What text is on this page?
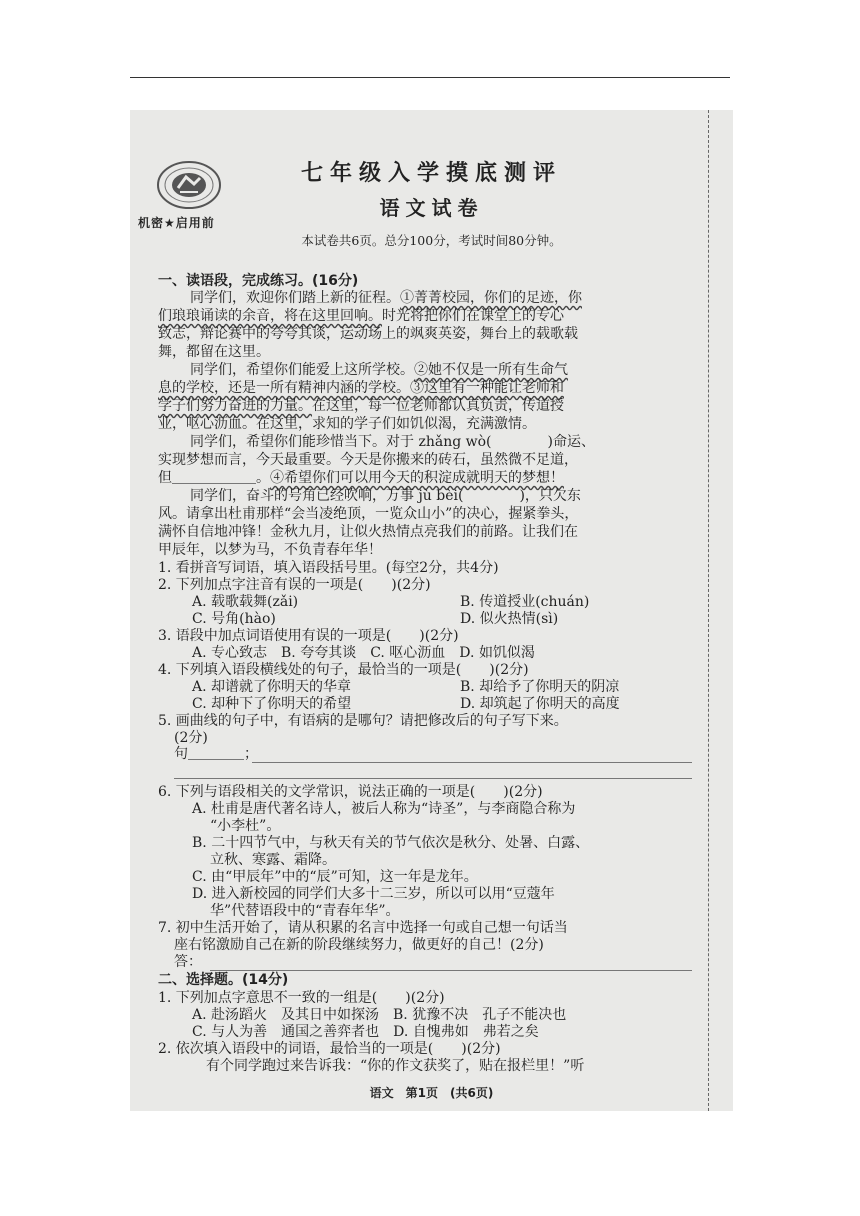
机密★启用前
七年级入学摸底测评
语文试卷
本试卷共6页。总分100分，考试时间80分钟。
一、读语段，完成练习。(16分)
同学们，欢迎你们踏上新的征程。①菁菁校园，你们的足迹，你
们琅琅诵读的余音，将在这里回响。时光将把你们在课堂上的专心
致志，辩论赛中的夸夸其谈，运动场上的飒爽英姿，舞台上的载歌载
舞，都留在这里。
同学们，希望你们能爱上这所学校。②她不仅是一所有生命气
息的学校，还是一所有精神内涵的学校。③这里有一种能让老师和
学子们努力奋进的力量。在这里，每一位老师都认真负责，传道授
业，呕心沥血。在这里，求知的学子们如饥似渴，充满激情。
同学们，希望你们能珍惜当下。对于 zhǎng wò(　　　　)命运、
实现梦想而言，今天最重要。今天是你搬来的砖石，虽然微不足道，
但＿＿＿＿＿＿。④希望你们可以用今天的积淀成就明天的梦想！
同学们，奋斗的号角已经吹响，万事 jù bèi(　　　　)，只欠东
风。请拿出杜甫那样“会当凌绝顶，一览众山小”的决心，握紧拳头，
满怀自信地冲锋！金秋九月，让似火热情点亮我们的前路。让我们在
甲辰年，以梦为马，不负青春年华！
1. 看拼音写词语，填入语段括号里。(每空2分，共4分)
2. 下列加点字注音有误的一项是(　　)(2分)
A. 载歌载舞(zǎi)	B. 传道授业(chuán)
C. 号角(hào)	D. 似火热情(sì)
3. 语段中加点词语使用有误的一项是(　　)(2分)
A. 专心致志　B. 夸夸其谈　C. 呕心沥血　D. 如饥似渴
4. 下列填入语段横线处的句子，最恰当的一项是(　　)(2分)
A. 却谱就了你明天的华章	B. 却给予了你明天的阴凉
C. 却种下了你明天的希望	D. 却筑起了你明天的高度
5. 画曲线的句子中，有语病的是哪句？请把修改后的句子写下来。
(2分)
句＿＿＿＿；
6. 下列与语段相关的文学常识，说法正确的一项是(　　)(2分)
A. 杜甫是唐代著名诗人，被后人称为“诗圣”，与李商隐合称为
“小李杜”。
B. 二十四节气中，与秋天有关的节气依次是秋分、处暑、白露、
立秋、寒露、霜降。
C. 由“甲辰年”中的“辰”可知，这一年是龙年。
D. 进入新校园的同学们大多十二三岁，所以可以用“豆蔻年
华”代替语段中的“青春年华”。
7. 初中生活开始了，请从积累的名言中选择一句或自己想一句话当
座右铭激励自己在新的阶段继续努力，做更好的自己！(2分)
答：
二、选择题。(14分)
1. 下列加点字意思不一致的一组是(　　)(2分)
A. 赴汤蹈火　及其日中如探汤　B. 犹豫不决　孔子不能决也
C. 与人为善　通国之善弈者也　D. 自愧弗如　弗若之矣
2. 依次填入语段中的词语，最恰当的一项是(　　)(2分)
有个同学跑过来告诉我：“你的作文获奖了，贴在报栏里！”听
语文　第1页　(共6页)
